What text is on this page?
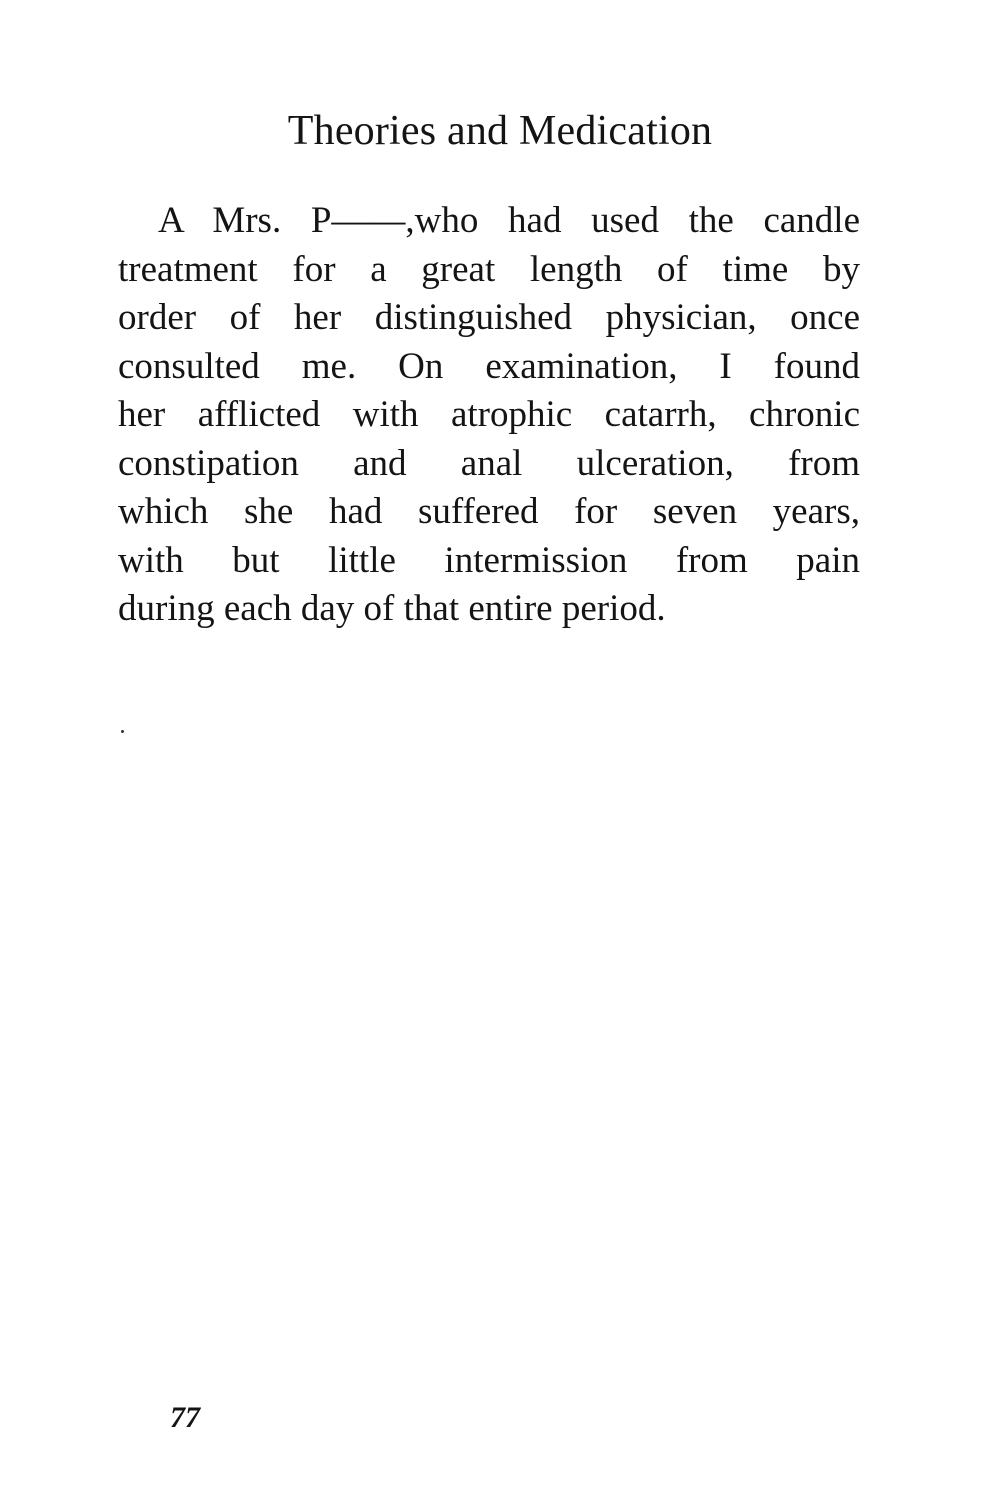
Theories and Medication
A Mrs. P——,who had used the candle
treatment for a great length of time by
order of her distinguished physician, once
consulted me. On examination, I found
her afflicted with atrophic catarrh, chronic
constipation and anal ulceration, from
which she had suffered for seven years,
with but little intermission from pain
during each day of that entire period.
77
